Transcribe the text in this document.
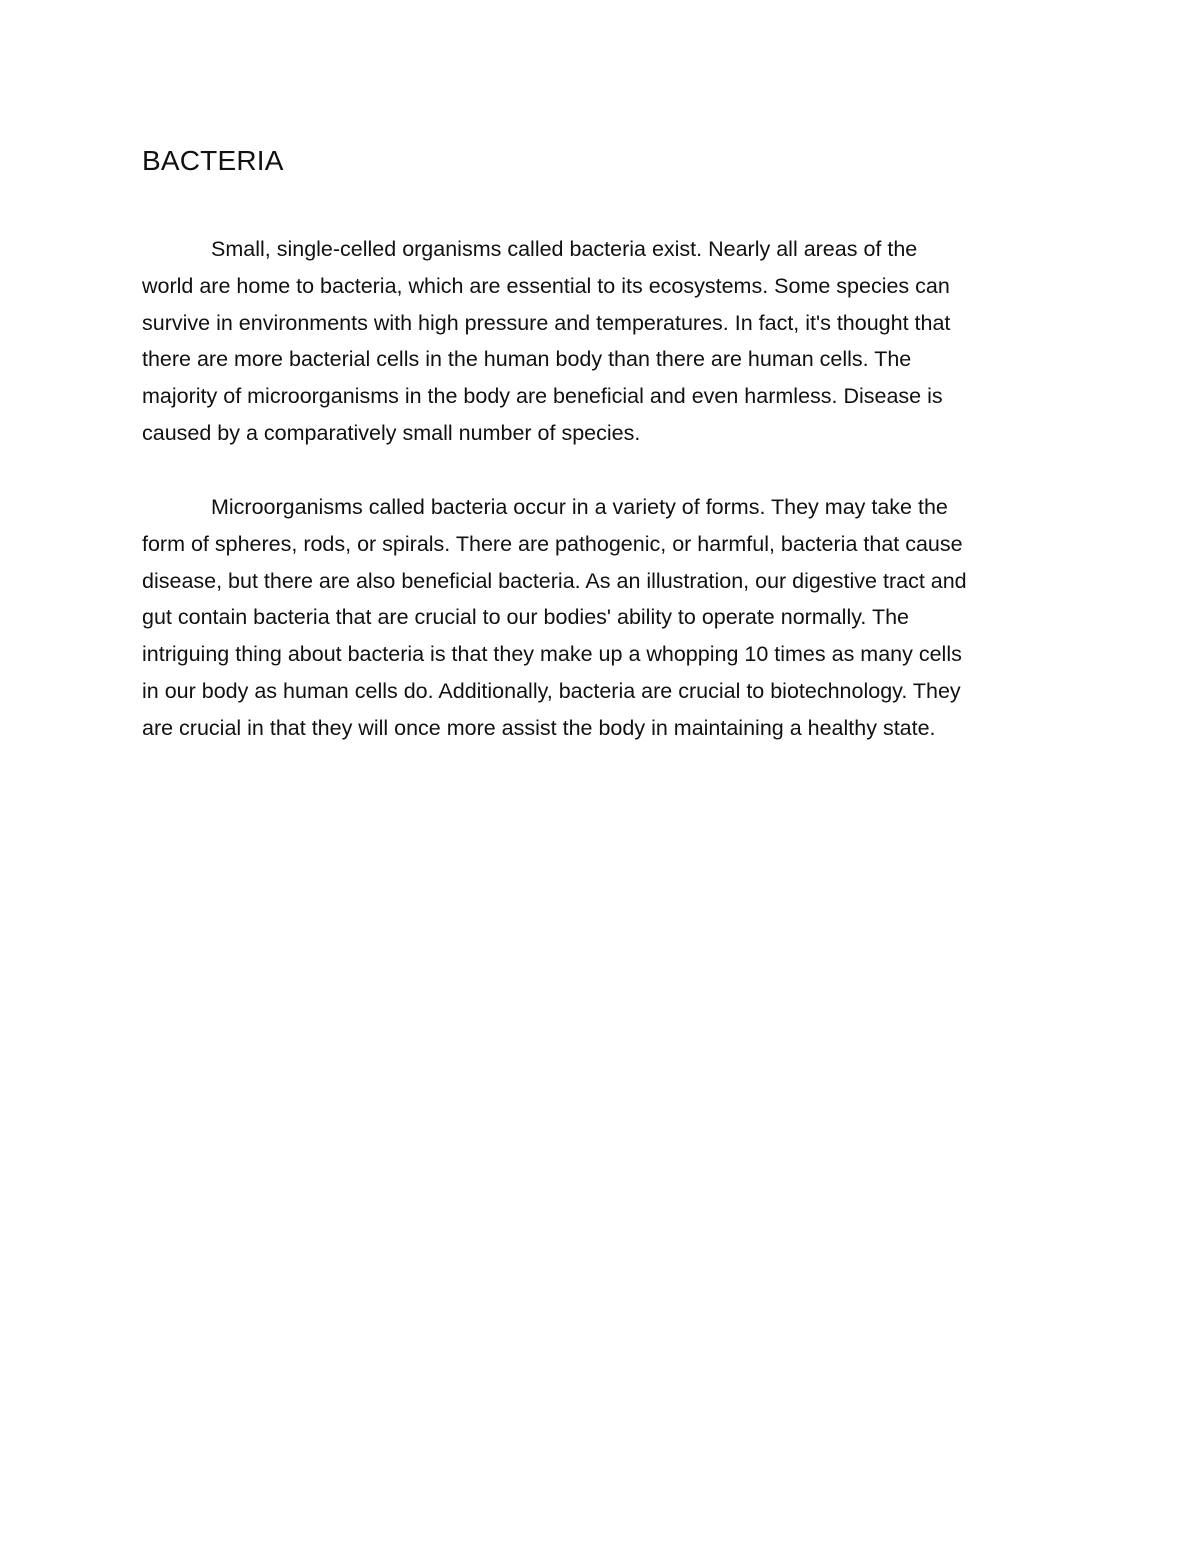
BACTERIA

Small, single-celled organisms called bacteria exist. Nearly all areas of the
world are home to bacteria, which are essential to its ecosystems. Some species can
survive in environments with high pressure and temperatures. In fact, it's thought that
there are more bacterial cells in the human body than there are human cells. The
majority of microorganisms in the body are beneficial and even harmless. Disease is
caused by a comparatively small number of species.

Microorganisms called bacteria occur in a variety of forms. They may take the
form of spheres, rods, or spirals. There are pathogenic, or harmful, bacteria that cause
disease, but there are also beneficial bacteria. As an illustration, our digestive tract and
gut contain bacteria that are crucial to our bodies' ability to operate normally. The
intriguing thing about bacteria is that they make up a whopping 10 times as many cells
in our body as human cells do. Additionally, bacteria are crucial to biotechnology. They
are crucial in that they will once more assist the body in maintaining a healthy state.
